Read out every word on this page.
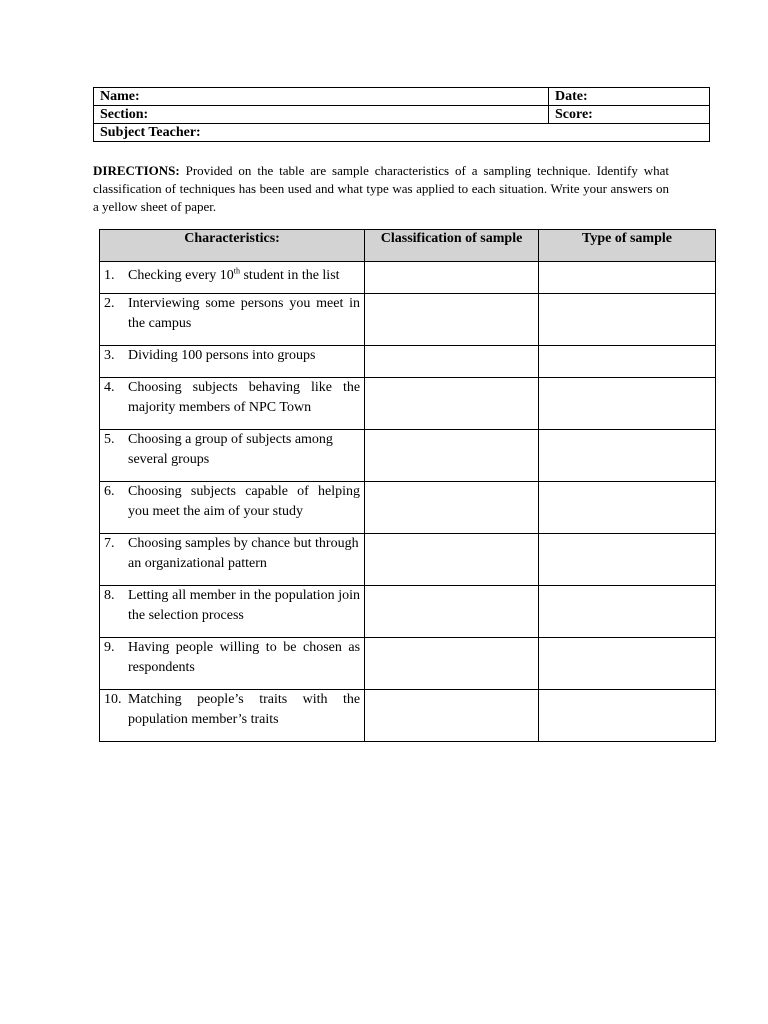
Name:	Date:
Section:	Score:
Subject Teacher:	
DIRECTIONS: Provided on the table are sample characteristics of a sampling technique. Identify what classification of techniques has been used and what type was applied to each situation. Write your answers on a yellow sheet of paper.
Characteristics:	Classification of sample	Type of sample

1. Checking every 10th student in the list		

2. Interviewing some persons you meet in the campus		

3. Dividing 100 persons into groups		

4. Choosing subjects behaving like the majority members of NPC Town		

5. Choosing a group of subjects among several groups		

6. Choosing subjects capable of helping you meet the aim of your study		

7. Choosing samples by chance but through an organizational pattern		

8. Letting all member in the population join the selection process		

9. Having people willing to be chosen as respondents		

10. Matching people’s traits with the population member’s traits		
